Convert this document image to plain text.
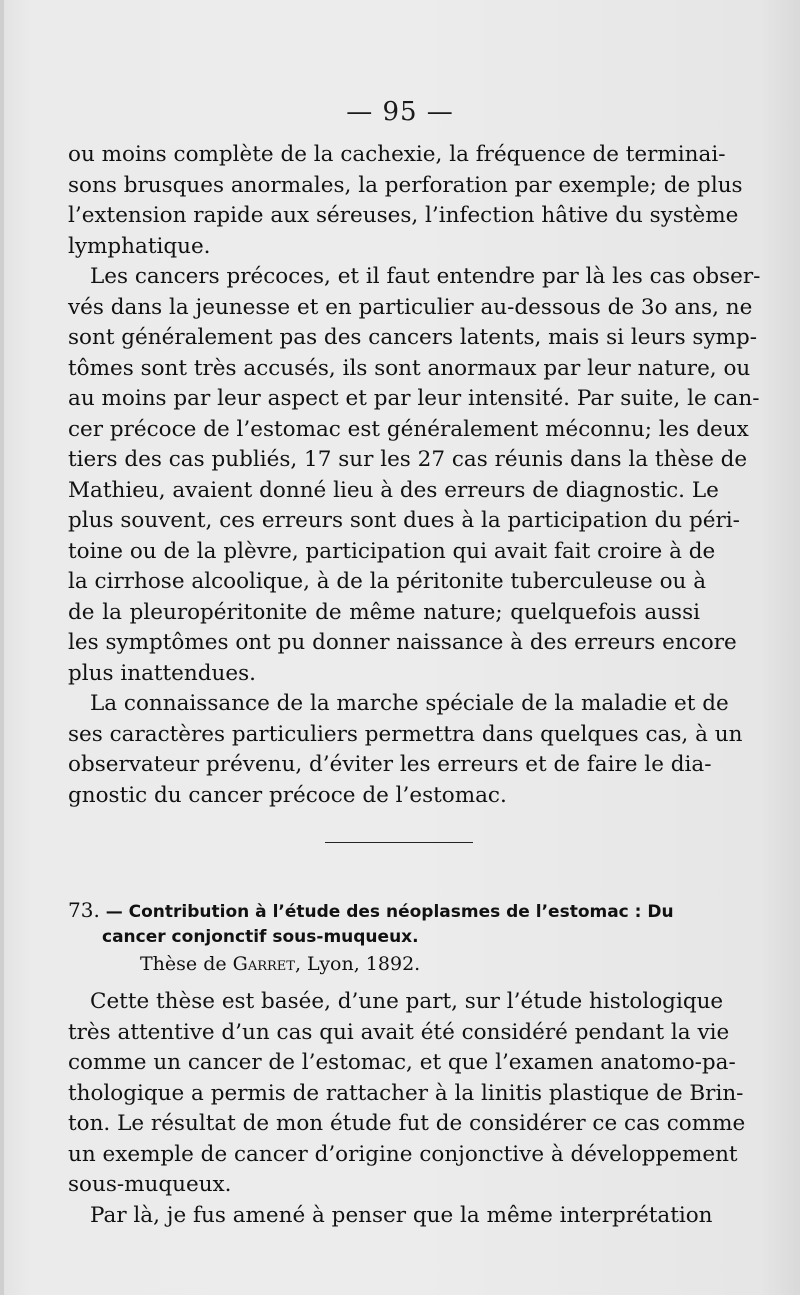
— 95 —
ou moins complète de la cachexie, la fréquence de terminai-
sons brusques anormales, la perforation par exemple; de plus
l’extension rapide aux séreuses, l’infection hâtive du système
lymphatique.
Les cancers précoces, et il faut entendre par là les cas obser-
vés dans la jeunesse et en particulier au-dessous de 3o ans, ne
sont généralement pas des cancers latents, mais si leurs symp-
tômes sont très accusés, ils sont anormaux par leur nature, ou
au moins par leur aspect et par leur intensité. Par suite, le can-
cer précoce de l’estomac est généralement méconnu; les deux
tiers des cas publiés, 17 sur les 27 cas réunis dans la thèse de
Mathieu, avaient donné lieu à des erreurs de diagnostic. Le
plus souvent, ces erreurs sont dues à la participation du péri-
toine ou de la plèvre, participation qui avait fait croire à de
la cirrhose alcoolique, à de la péritonite tuberculeuse ou à
de la pleuropéritonite de même nature; quelquefois aussi
les symptômes ont pu donner naissance à des erreurs encore
plus inattendues.
La connaissance de la marche spéciale de la maladie et de
ses caractères particuliers permettra dans quelques cas, à un
observateur prévenu, d’éviter les erreurs et de faire le dia-
gnostic du cancer précoce de l’estomac.
73. — Contribution à l’étude des néoplasmes de l’estomac : Du
cancer conjonctif sous-muqueux.
Thèse de Garret, Lyon, 1892.
Cette thèse est basée, d’une part, sur l’étude histologique
très attentive d’un cas qui avait été considéré pendant la vie
comme un cancer de l’estomac, et que l’examen anatomo-pa-
thologique a permis de rattacher à la linitis plastique de Brin-
ton. Le résultat de mon étude fut de considérer ce cas comme
un exemple de cancer d’origine conjonctive à développement
sous-muqueux.
Par là, je fus amené à penser que la même interprétation
